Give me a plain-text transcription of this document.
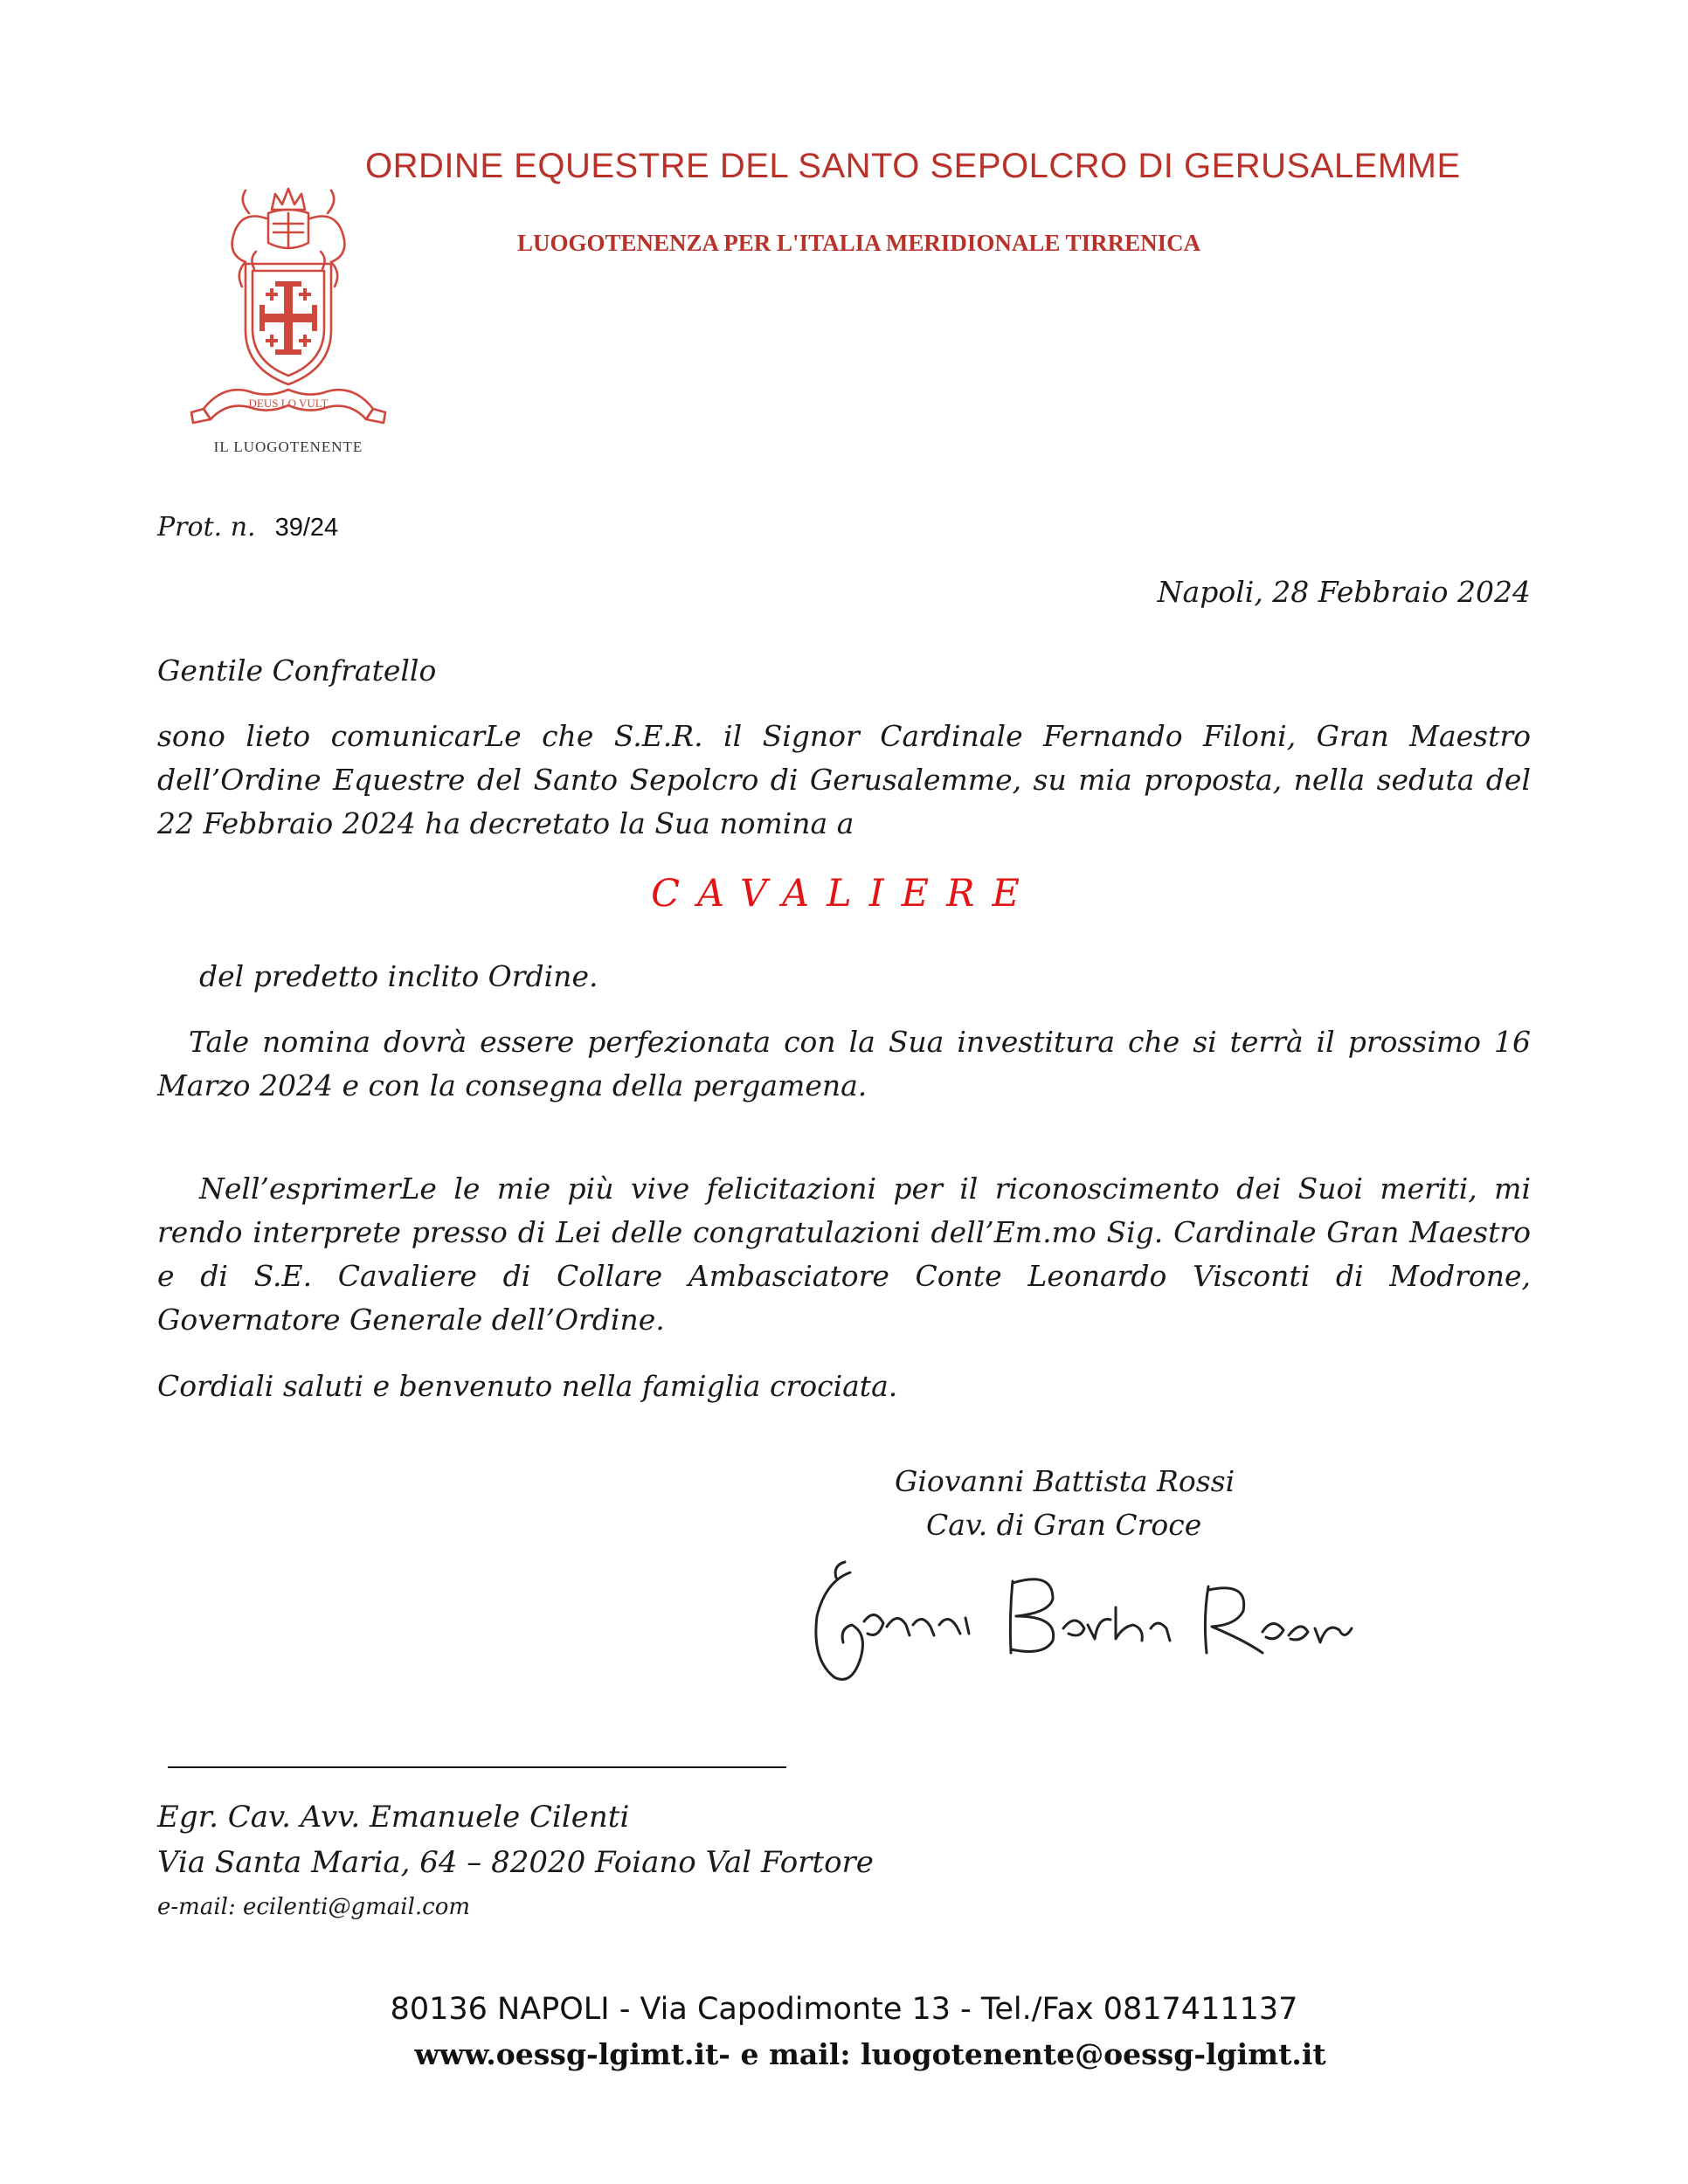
DEUS LO VULT

IL LUOGOTENENTE

ORDINE EQUESTRE DEL SANTO SEPOLCRO DI GERUSALEMME

LUOGOTENENZA PER L'ITALIA MERIDIONALE TIRRENICA

Prot. n. 39/24

Napoli, 28 Febbraio 2024

Gentile Confratello

sono lieto comunicarLe che S.E.R. il Signor Cardinale Fernando Filoni, Gran Maestro dell’Ordine Equestre del Santo Sepolcro di Gerusalemme, su mia proposta, nella seduta del 22 Febbraio 2024 ha decretato la Sua nomina a

CAVALIERE

del predetto inclito Ordine.

Tale nomina dovrà essere perfezionata con la Sua investitura che si terrà il prossimo 16 Marzo 2024 e con la consegna della pergamena.

Nell’esprimerLe le mie più vive felicitazioni per il riconoscimento dei Suoi meriti, mi rendo interprete presso di Lei delle congratulazioni dell’Em.mo Sig. Cardinale Gran Maestro e di S.E. Cavaliere di Collare Ambasciatore Conte Leonardo Visconti di Modrone, Governatore Generale dell’Ordine.

Cordiali saluti e benvenuto nella famiglia crociata.

Giovanni Battista Rossi

Cav. di Gran Croce

Egr. Cav. Avv. Emanuele Cilenti

Via Santa Maria, 64 – 82020 Foiano Val Fortore

e-mail: ecilenti@gmail.com

80136 NAPOLI - Via Capodimonte 13 - Tel./Fax 0817411137

www.oessg-lgimt.it- e mail: luogotenente@oessg-lgimt.it
